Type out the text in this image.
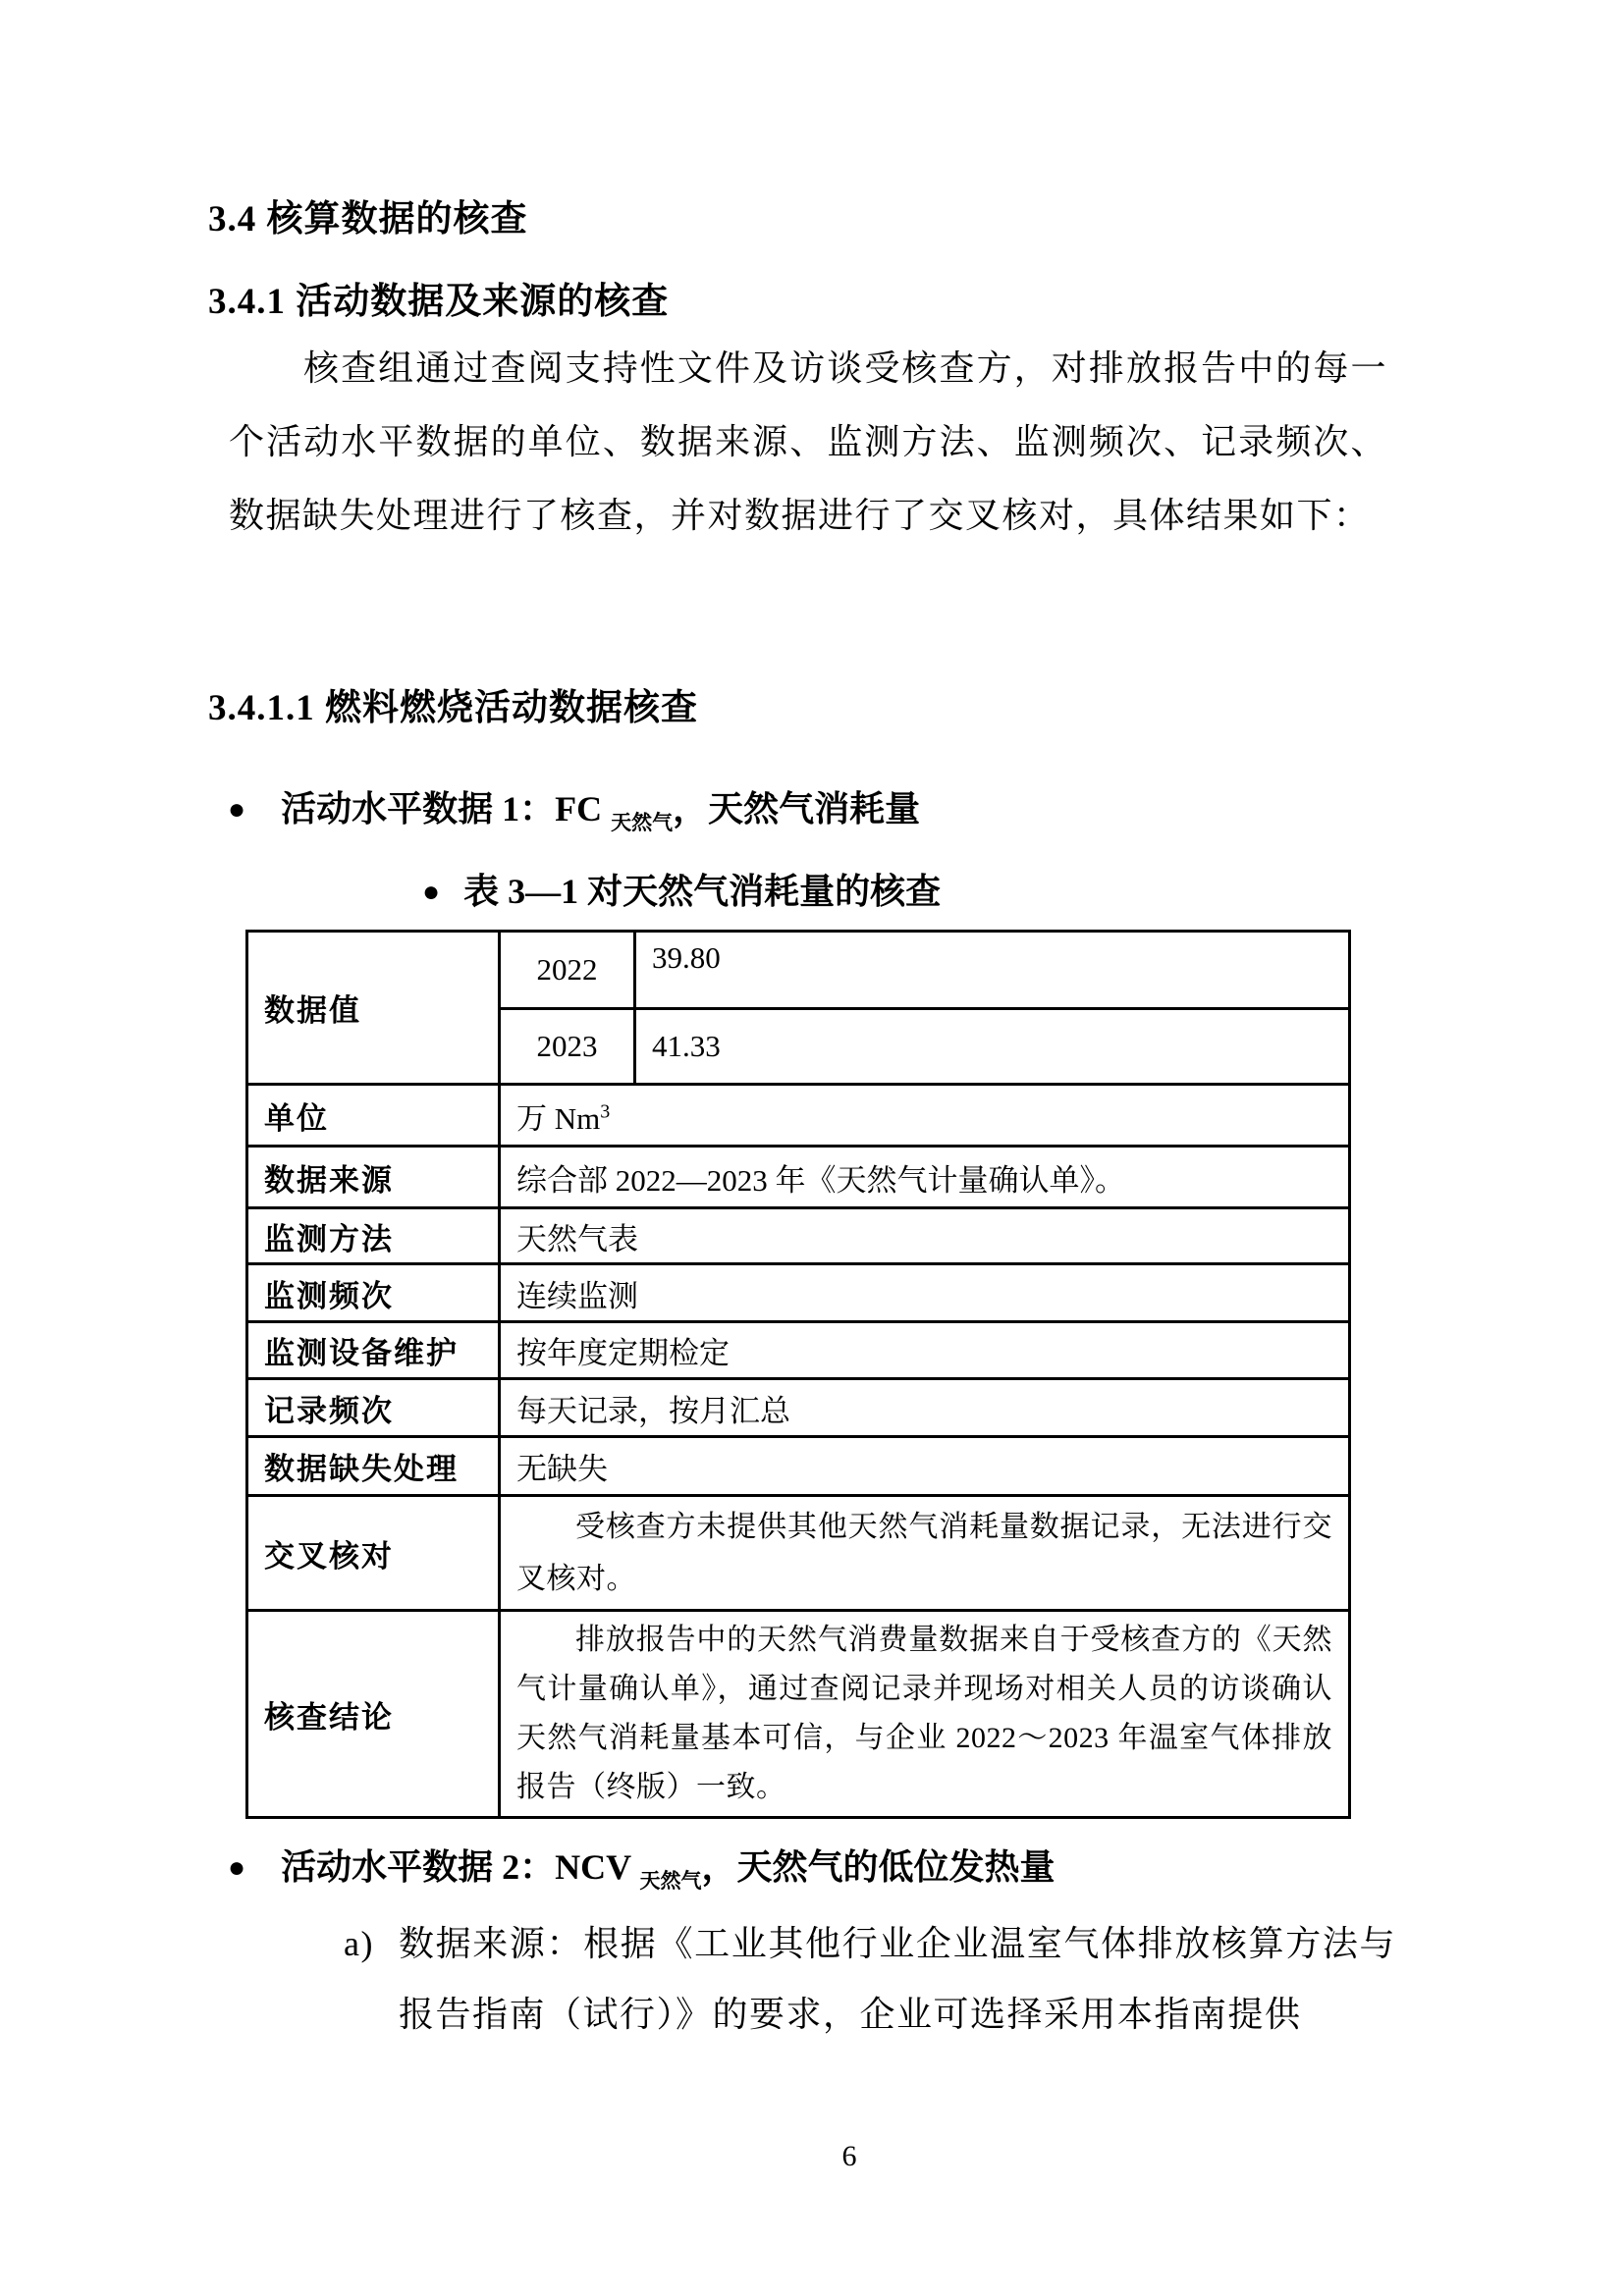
3.4 核算数据的核查
3.4.1 活动数据及来源的核查
核查组通过查阅支持性文件及访谈受核查方，对排放报告中的每一个活动水平数据的单位、数据来源、监测方法、监测频次、记录频次、数据缺失处理进行了核查，并对数据进行了交叉核对，具体结果如下：
3.4.1.1 燃料燃烧活动数据核查
● 活动水平数据 1：FC $_{天然气}$，天然气消耗量
● 表 3—1 对天然气消耗量的核查
数据值	2022	39.80
	2023	41.33
单位	万 Nm$^3$
数据来源	综合部 2022—2023 年《天然气计量确认单》。	
监测方法	天然气表	
监测频次	连续监测	
监测设备维护	按年度定期检定	
记录频次	每天记录，按月汇总	
数据缺失处理	无缺失	
交叉核对	受核查方未提供其他天然气消耗量数据记录，无法进行交叉核对。	
核查结论	排放报告中的天然气消费量数据来自于受核查方的《天然气计量确认单》，通过查阅记录并现场对相关人员的访谈确认天然气消耗量基本可信，与企业 2022～2023 年温室气体排放报告（终版）一致。	
● 活动水平数据 2：NCV $_{天然气}$，天然气的低位发热量
a) 数据来源：根据《工业其他行业企业温室气体排放核算方法与报告指南（试行）》的要求，企业可选择采用本指南提供
6
